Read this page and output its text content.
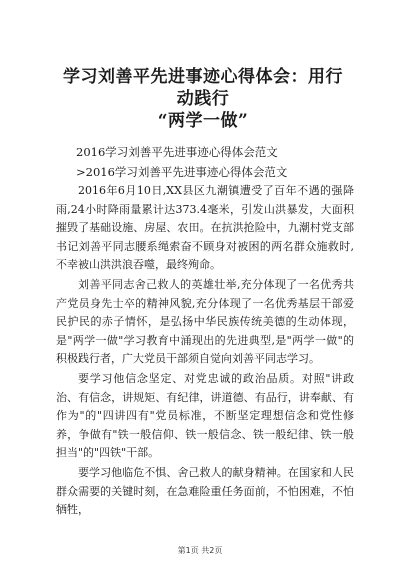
学习刘善平先进事迹心得体会：用行动践行
“两学一做”

2016学习刘善平先进事迹心得体会范文

>2016学习刘善平先进事迹心得体会范文

2016年6月10日,XX县区九潮镇遭受了百年不遇的强降雨,24小时降雨量累计达373.4毫米，引发山洪暴发，大面积摧毁了基础设施、房屋、农田。在抗洪抢险中，九潮村党支部书记刘善平同志腰系绳索奋不顾身对被困的两名群众施救时,不幸被山洪洪浪吞噬，最终殉命。

刘善平同志舍己救人的英雄壮举,充分体现了一名优秀共产党员身先士卒的精神风貌,充分体现了一名优秀基层干部爱民护民的赤子情怀，是弘扬中华民族传统美德的生动体现，是"两学一做"学习教育中涌现出的先进典型,是"两学一做"的积极践行者，广大党员干部须自觉向刘善平同志学习。

要学习他信念坚定、对党忠诚的政治品质。对照"讲政治、有信念，讲规矩、有纪律，讲道德、有品行，讲奉献、有作为"的"四讲四有"党员标准，不断坚定理想信念和党性修养，争做有"铁一般信仰、铁一般信念、铁一般纪律、铁一般担当"的"四铁"干部。

要学习他临危不惧、舍己救人的献身精神。在国家和人民群众需要的关键时刻，在急难险重任务面前，不怕困难，不怕牺牲，

第1页 共2页
